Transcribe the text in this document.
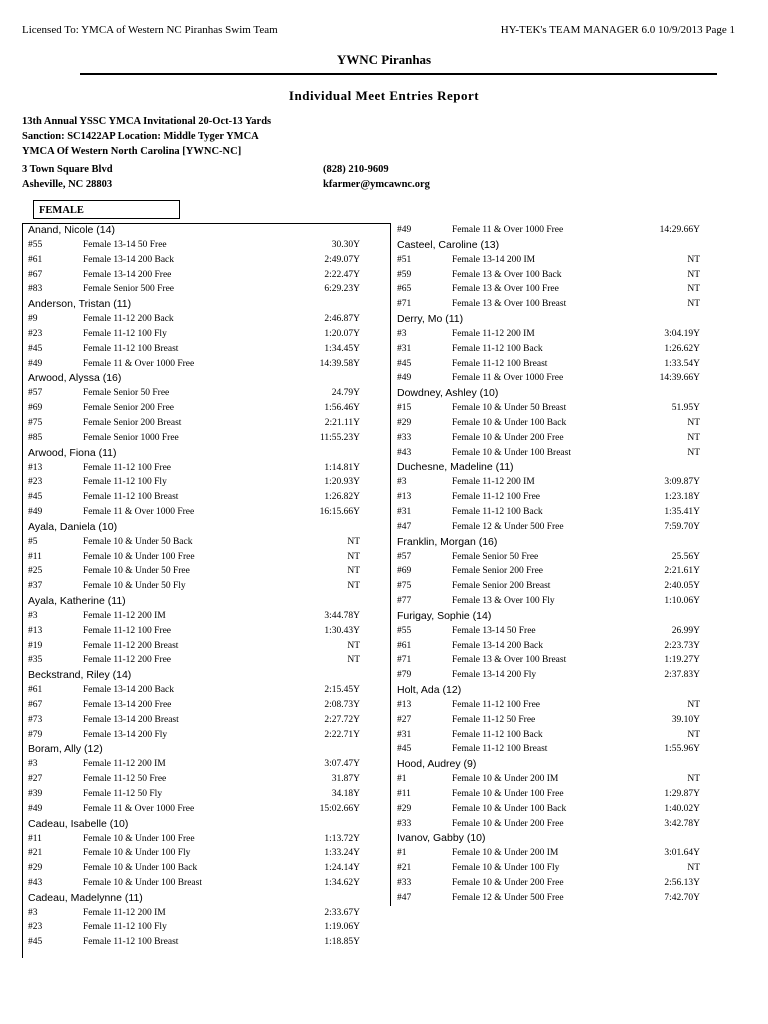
Licensed To: YMCA of Western NC Piranhas Swim Team	HY-TEK's TEAM MANAGER 6.0 10/9/2013 Page 1
YWNC Piranhas
Individual Meet Entries Report
13th Annual YSSC YMCA Invitational 20-Oct-13 Yards
Sanction: SC1422AP Location: Middle Tyger YMCA
YMCA Of Western North Carolina [YWNC-NC]
3 Town Square Blvd
Asheville, NC 28803
(828) 210-9609
kfarmer@ymcawnc.org
FEMALE
Anand, Nicole (14)
#55	Female 13-14 50 Free	30.30Y
#61	Female 13-14 200 Back	2:49.07Y
#67	Female 13-14 200 Free	2:22.47Y
#83	Female Senior 500 Free	6:29.23Y
Anderson, Tristan (11)
#9	Female 11-12 200 Back	2:46.87Y
#23	Female 11-12 100 Fly	1:20.07Y
#45	Female 11-12 100 Breast	1:34.45Y
#49	Female 11 & Over 1000 Free	14:39.58Y
Arwood, Alyssa (16)
#57	Female Senior 50 Free	24.79Y
#69	Female Senior 200 Free	1:56.46Y
#75	Female Senior 200 Breast	2:21.11Y
#85	Female Senior 1000 Free	11:55.23Y
Arwood, Fiona (11)
#13	Female 11-12 100 Free	1:14.81Y
#23	Female 11-12 100 Fly	1:20.93Y
#45	Female 11-12 100 Breast	1:26.82Y
#49	Female 11 & Over 1000 Free	16:15.66Y
Ayala, Daniela (10)
#5	Female 10 & Under 50 Back	NT
#11	Female 10 & Under 100 Free	NT
#25	Female 10 & Under 50 Free	NT
#37	Female 10 & Under 50 Fly	NT
Ayala, Katherine (11)
#3	Female 11-12 200 IM	3:44.78Y
#13	Female 11-12 100 Free	1:30.43Y
#19	Female 11-12 200 Breast	NT
#35	Female 11-12 200 Free	NT
Beckstrand, Riley (14)
#61	Female 13-14 200 Back	2:15.45Y
#67	Female 13-14 200 Free	2:08.73Y
#73	Female 13-14 200 Breast	2:27.72Y
#79	Female 13-14 200 Fly	2:22.71Y
Boram, Ally (12)
#3	Female 11-12 200 IM	3:07.47Y
#27	Female 11-12 50 Free	31.87Y
#39	Female 11-12 50 Fly	34.18Y
#49	Female 11 & Over 1000 Free	15:02.66Y
Cadeau, Isabelle (10)
#11	Female 10 & Under 100 Free	1:13.72Y
#21	Female 10 & Under 100 Fly	1:33.24Y
#29	Female 10 & Under 100 Back	1:24.14Y
#43	Female 10 & Under 100 Breast	1:34.62Y
Cadeau, Madelynne (11)
#3	Female 11-12 200 IM	2:33.67Y
#23	Female 11-12 100 Fly	1:19.06Y
#45	Female 11-12 100 Breast	1:18.85Y
#49	Female 11 & Over 1000 Free	14:29.66Y
Casteel, Caroline (13)
#51	Female 13-14 200 IM	NT
#59	Female 13 & Over 100 Back	NT
#65	Female 13 & Over 100 Free	NT
#71	Female 13 & Over 100 Breast	NT
Derry, Mo (11)
#3	Female 11-12 200 IM	3:04.19Y
#31	Female 11-12 100 Back	1:26.62Y
#45	Female 11-12 100 Breast	1:33.54Y
#49	Female 11 & Over 1000 Free	14:39.66Y
Dowdney, Ashley (10)
#15	Female 10 & Under 50 Breast	51.95Y
#29	Female 10 & Under 100 Back	NT
#33	Female 10 & Under 200 Free	NT
#43	Female 10 & Under 100 Breast	NT
Duchesne, Madeline (11)
#3	Female 11-12 200 IM	3:09.87Y
#13	Female 11-12 100 Free	1:23.18Y
#31	Female 11-12 100 Back	1:35.41Y
#47	Female 12 & Under 500 Free	7:59.70Y
Franklin, Morgan (16)
#57	Female Senior 50 Free	25.56Y
#69	Female Senior 200 Free	2:21.61Y
#75	Female Senior 200 Breast	2:40.05Y
#77	Female 13 & Over 100 Fly	1:10.06Y
Furigay, Sophie (14)
#55	Female 13-14 50 Free	26.99Y
#61	Female 13-14 200 Back	2:23.73Y
#71	Female 13 & Over 100 Breast	1:19.27Y
#79	Female 13-14 200 Fly	2:37.83Y
Holt, Ada (12)
#13	Female 11-12 100 Free	NT
#27	Female 11-12 50 Free	39.10Y
#31	Female 11-12 100 Back	NT
#45	Female 11-12 100 Breast	1:55.96Y
Hood, Audrey (9)
#1	Female 10 & Under 200 IM	NT
#11	Female 10 & Under 100 Free	1:29.87Y
#29	Female 10 & Under 100 Back	1:40.02Y
#33	Female 10 & Under 200 Free	3:42.78Y
Ivanov, Gabby (10)
#1	Female 10 & Under 200 IM	3:01.64Y
#21	Female 10 & Under 100 Fly	NT
#33	Female 10 & Under 200 Free	2:56.13Y
#47	Female 12 & Under 500 Free	7:42.70Y
